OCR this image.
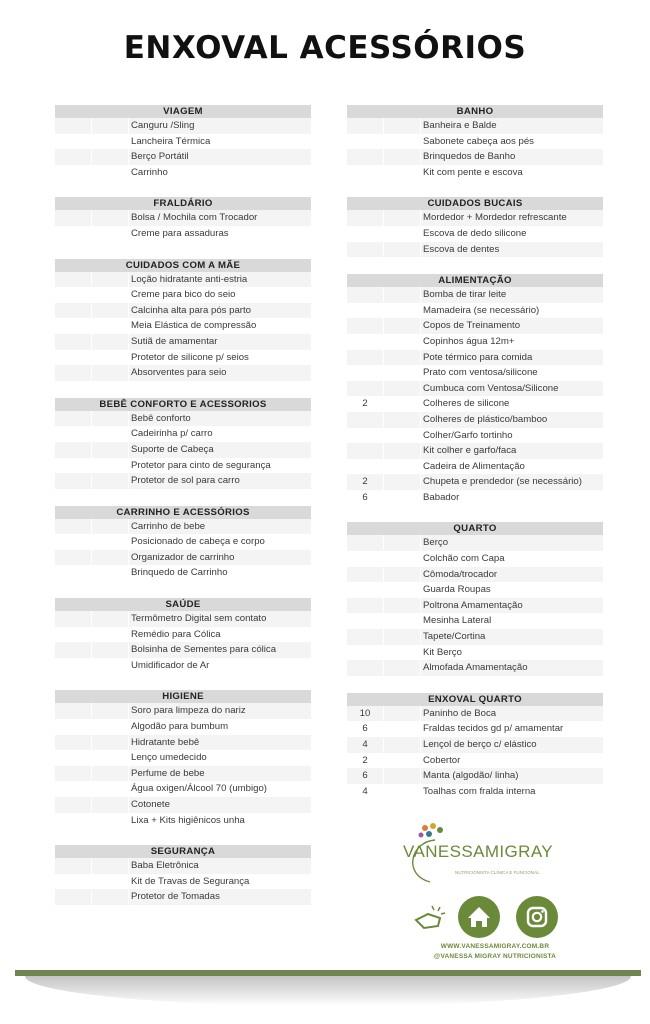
ENXOVAL ACESSÓRIOS
VIAGEM
Canguru /Sling
Lancheira Térmica
Berço Portátil
Carrinho
FRALDÁRIO
Bolsa / Mochila com Trocador
Creme para assaduras
CUIDADOS COM A MÃE
Loção hidratante anti-estria
Creme para bico do seio
Calcinha alta para pós parto
Meia Elástica de compressão
Sutiã de amamentar
Protetor de silicone p/ seios
Absorventes para seio
BEBÊ CONFORTO E ACESSORIOS
Bebê conforto
Cadeirinha p/ carro
Suporte de Cabeça
Protetor para cinto de segurança
Protetor de sol para carro
CARRINHO E ACESSÓRIOS
Carrinho de bebe
Posicionado de cabeça e corpo
Organizador de carrinho
Brinquedo de Carrinho
SAÚDE
Termômetro Digital sem contato
Remédio para Cólica
Bolsinha de Sementes para cólica
Umidificador de Ar
HIGIENE
Soro para limpeza do nariz
Algodão para bumbum
Hidratante bebê
Lenço umedecido
Perfume de bebe
Água oxigen/Álcool 70 (umbigo)
Cotonete
Lixa + Kits higiênicos unha
SEGURANÇA
Baba Eletrônica
Kit de Travas de Segurança
Protetor de Tomadas
BANHO
Banheira e Balde
Sabonete cabeça aos pés
Brinquedos de Banho
Kit com pente e escova
CUIDADOS BUCAIS
Mordedor + Mordedor refrescante
Escova de dedo silicone
Escova de dentes
ALIMENTAÇÃO
Bomba de tirar leite
Mamadeira (se necessário)
Copos de Treinamento
Copinhos água 12m+
Pote térmico para comida
Prato com ventosa/silicone
Cumbuca com Ventosa/Silicone
2	Colheres de silicone
Colheres de plástico/bamboo
Colher/Garfo tortinho
Kit colher e garfo/faca
Cadeira de Alimentação
2	Chupeta e prendedor (se necessário)
6	Babador
QUARTO
Berço
Colchão com Capa
Cômoda/trocador
Guarda Roupas
Poltrona Amamentação
Mesinha Lateral
Tapete/Cortina
Kit Berço
Almofada Amamentação
ENXOVAL QUARTO
10	Paninho de Boca
6	Fraldas tecidos gd p/ amamentar
4	Lençol de berço c/ elástico
2	Cobertor
6	Manta (algodão/ linha)
4	Toalhas com fralda interna
VANESSAMIGRAY
NUTRICIONISTA CLÍNICA E FUNCIONAL
WWW.VANESSAMIGRAY.COM.BR
@VANESSA MIGRAY NUTRICIONISTA
